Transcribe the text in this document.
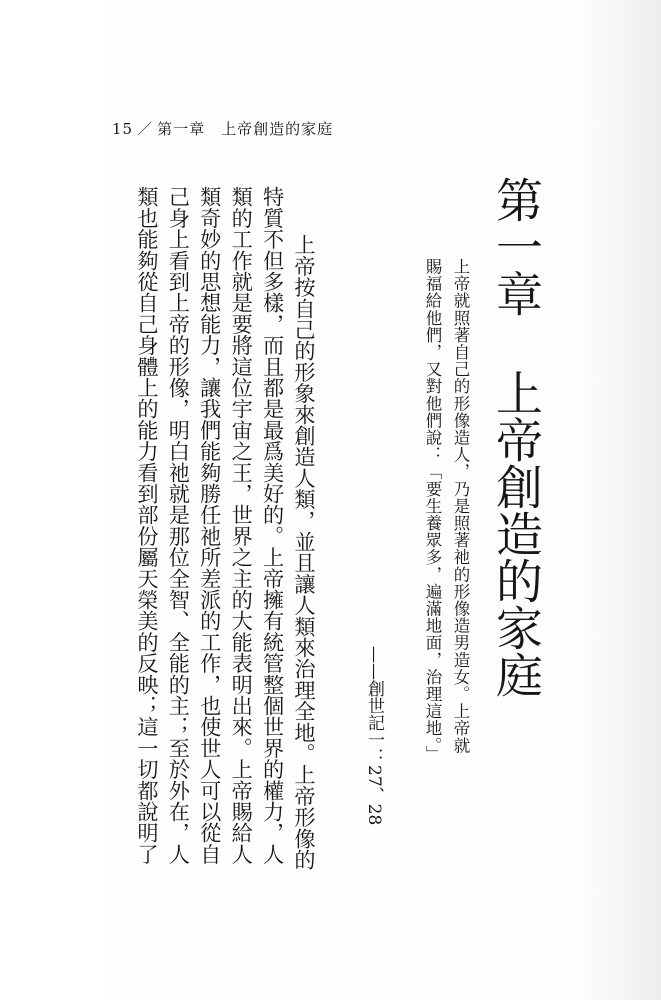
15 ／ 第一章 上帝創造的家庭
第一章上帝創造的家庭

上帝就照著自己的形像造人，乃是照著祂的形像造男造女。上帝就

賜福給他們，又對他們說：「要生養眾多，遍滿地面，治理這地。」

——創世記一：27、28

上帝按自己的形象來創造人類，並且讓人類來治理全地。上帝形像的

特質不但多樣，而且都是最爲美好的。上帝擁有統管整個世界的權力，人

類的工作就是要將這位宇宙之王，世界之主的大能表明出來。上帝賜給人

類奇妙的思想能力，讓我們能夠勝任祂所差派的工作，也使世人可以從自

己身上看到上帝的形像，明白祂就是那位全智、全能的主；至於外在，人

類也能夠從自己身體上的能力看到部份屬天榮美的反映；這一切都說明了
